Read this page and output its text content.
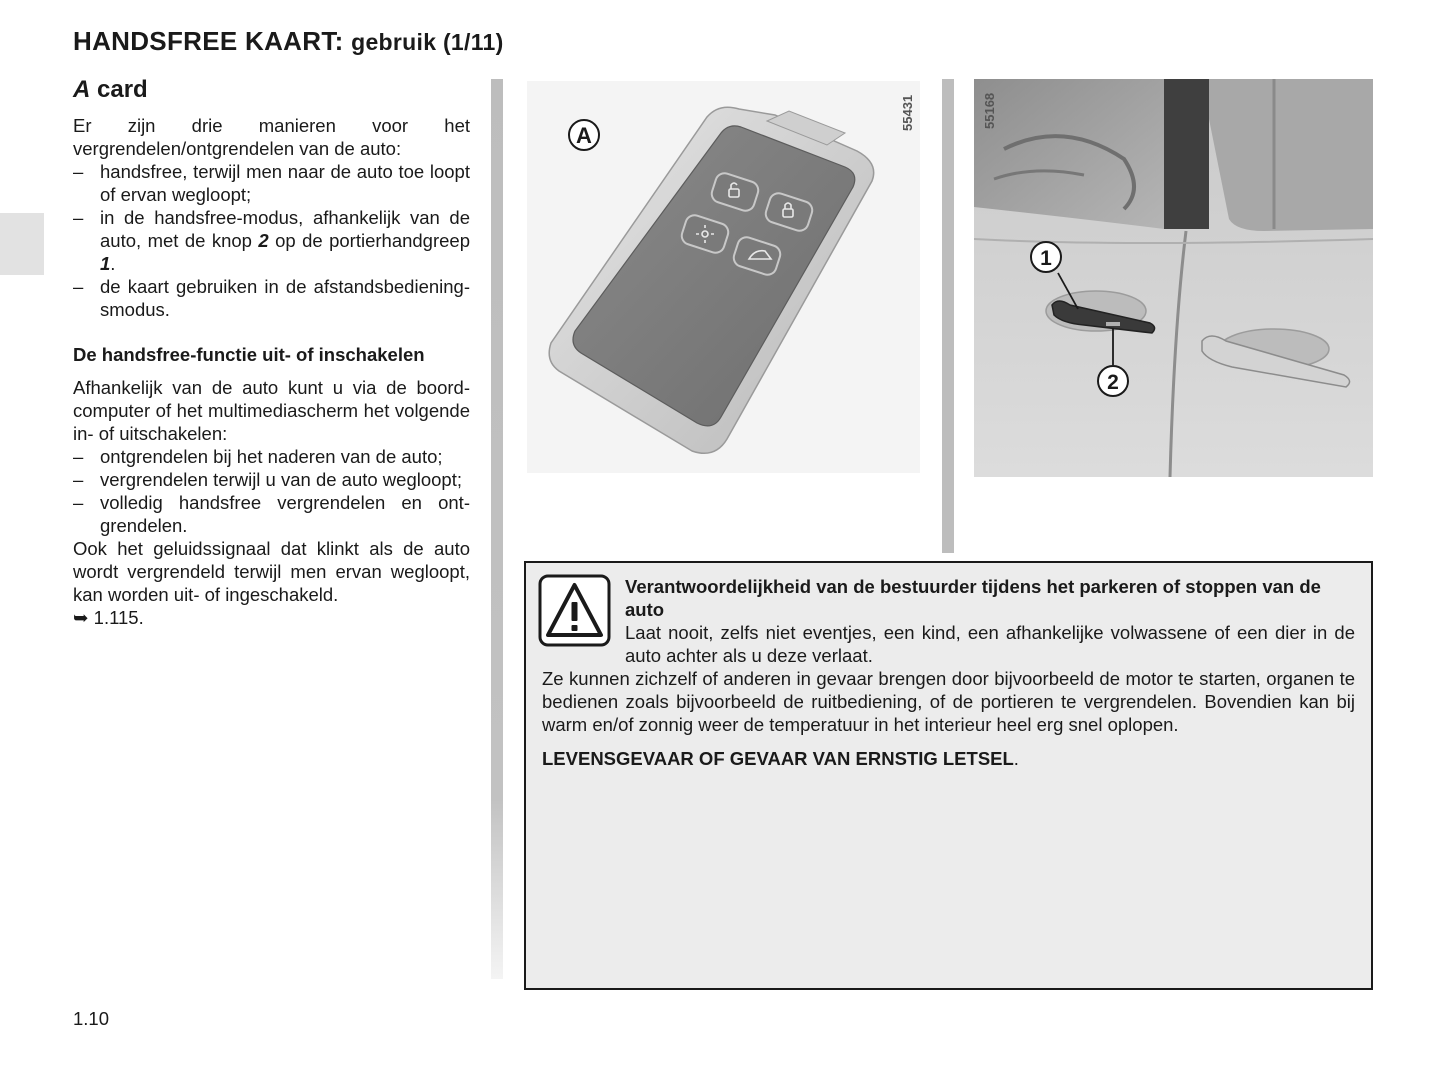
HANDSFREE KAART: gebruik (1/11)
A card

Er zijn drie manieren voor het vergrendelen/ontgrendelen van de auto:

– handsfree, terwijl men naar de auto toe loopt of ervan wegloopt;
– in de handsfree-modus, afhankelijk van de auto, met de knop 2 op de portierhandgreep 1.
– de kaart gebruiken in de afstandsbedieningsmodus.
De handsfree-functie uit- of inschakelen

Afhankelijk van de auto kunt u via de boordcomputer of het multimediascherm het volgende in- of uitschakelen:

– ontgrendelen bij het naderen van de auto;
– vergrendelen terwijl u van de auto wegloopt;
– volledig handsfree vergrendelen en ontgrendelen.

Ook het geluidssignaal dat klinkt als de auto wordt vergrendeld terwijl men ervan wegloopt, kan worden uit- of ingeschakeld.

➥ 1.115.

A
55431
1
2
55168
Verantwoordelijkheid van de bestuurder tijdens het parkeren of stoppen van de auto
Laat nooit, zelfs niet eventjes, een kind, een afhankelijke volwassene of een dier in de auto achter als u deze verlaat.
Ze kunnen zichzelf of anderen in gevaar brengen door bijvoorbeeld de motor te starten, organen te bedienen zoals bijvoorbeeld de ruitbediening, of de portieren te vergrendelen. Bovendien kan bij warm en/of zonnig weer de temperatuur in het interieur heel erg snel oplopen.
LEVENSGEVAAR OF GEVAAR VAN ERNSTIG LETSEL.
1.10
